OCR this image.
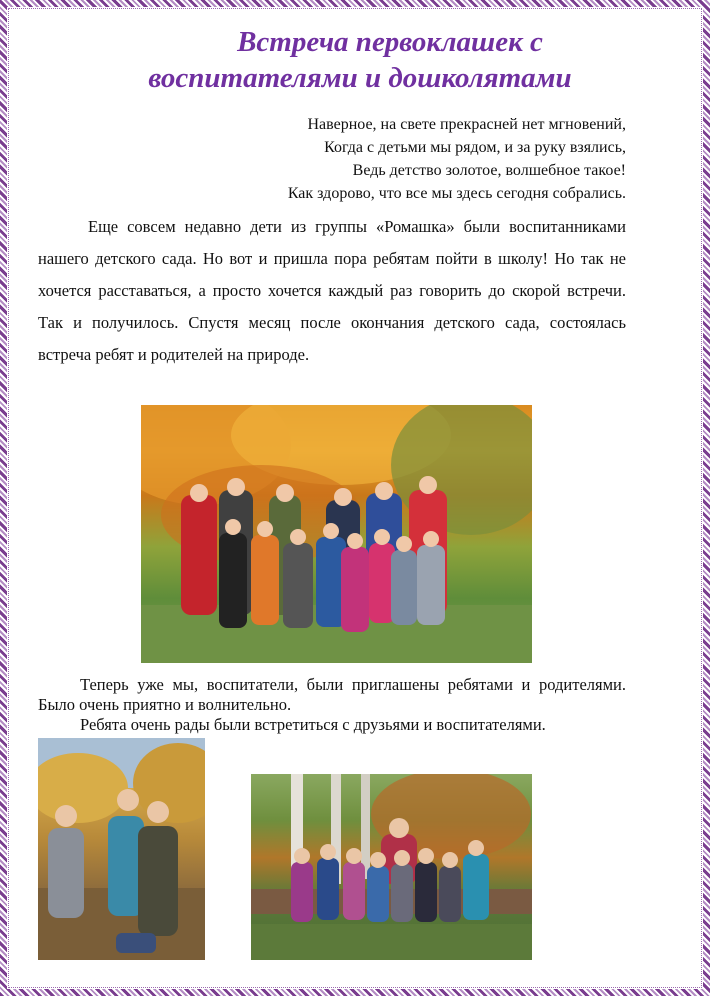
Встреча первоклашек с
воспитателями и дошколятами
Наверное, на свете прекрасней нет мгновений,
Когда с детьми мы рядом, и за руку взялись,
Ведь детство золотое, волшебное такое!
Как здорово, что все мы здесь сегодня собрались.

Еще совсем недавно дети из группы «Ромашка» были воспитанниками нашего детского сада. Но вот и пришла пора ребятам пойти в школу! Но так не хочется расставаться, а просто хочется каждый раз говорить до скорой встречи. Так и получилось. Спустя месяц после окончания детского сада, состоялась встреча ребят и родителей на природе.

Теперь уже мы, воспитатели, были приглашены ребятами и родителями. Было очень приятно и волнительно.

Ребята очень рады были встретиться с друзьями и воспитателями.
